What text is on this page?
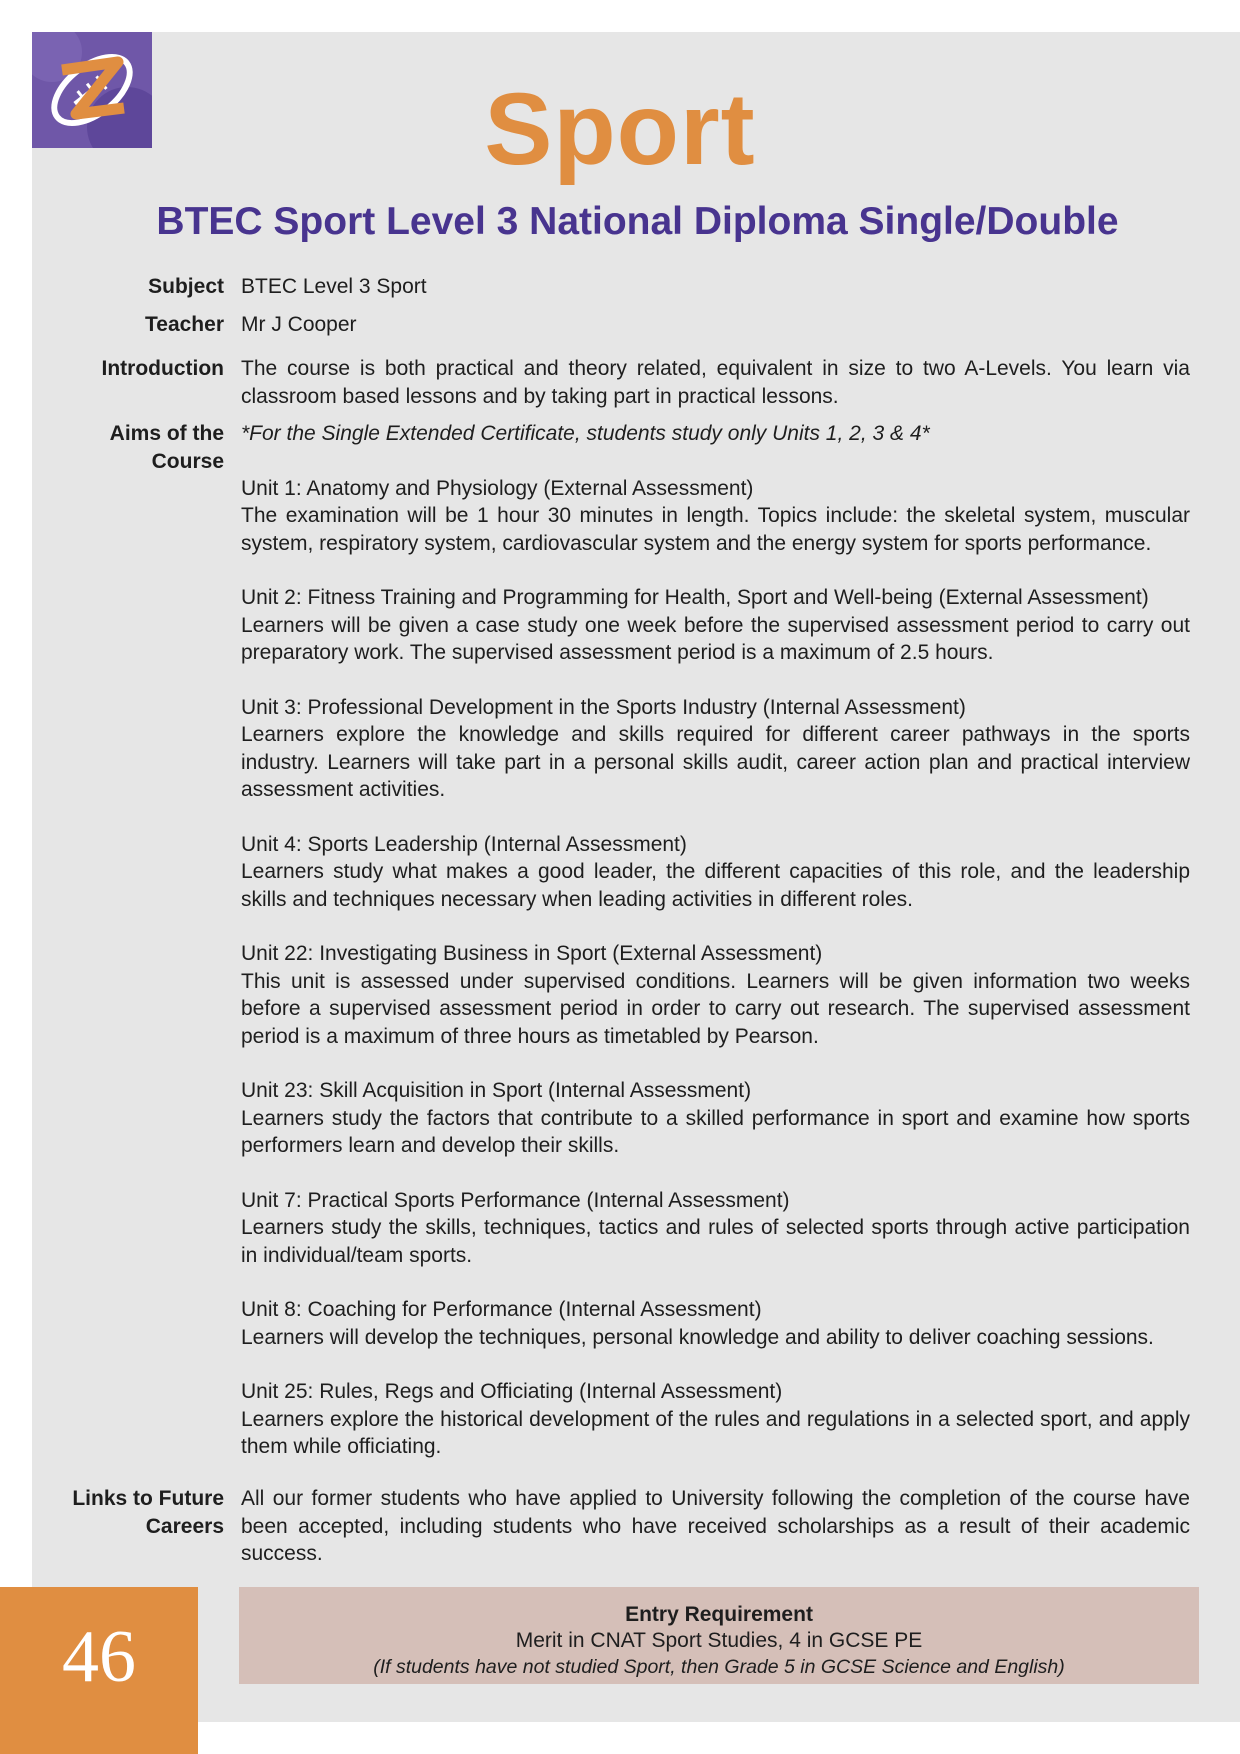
Sport
BTEC Sport Level 3 National Diploma Single/Double
Subject BTEC Level 3 Sport
Teacher Mr J Cooper
Introduction The course is both practical and theory related, equivalent in size to two A-Levels. You learn via classroom based lessons and by taking part in practical lessons.
Aims of the
Course
*For the Single Extended Certificate, students study only Units 1, 2, 3 & 4*
Unit 1: Anatomy and Physiology (External Assessment)
The examination will be 1 hour 30 minutes in length. Topics include: the skeletal system, muscular system, respiratory system, cardiovascular system and the energy system for sports performance.
Unit 2: Fitness Training and Programming for Health, Sport and Well-being (External Assessment)
Learners will be given a case study one week before the supervised assessment period to carry out preparatory work. The supervised assessment period is a maximum of 2.5 hours.
Unit 3: Professional Development in the Sports Industry (Internal Assessment)
Learners explore the knowledge and skills required for different career pathways in the sports industry. Learners will take part in a personal skills audit, career action plan and practical interview assessment activities.
Unit 4: Sports Leadership (Internal Assessment)
Learners study what makes a good leader, the different capacities of this role, and the leadership skills and techniques necessary when leading activities in different roles.
Unit 22: Investigating Business in Sport (External Assessment)
This unit is assessed under supervised conditions. Learners will be given information two weeks before a supervised assessment period in order to carry out research. The supervised assessment period is a maximum of three hours as timetabled by Pearson.
Unit 23: Skill Acquisition in Sport (Internal Assessment)
Learners study the factors that contribute to a skilled performance in sport and examine how sports performers learn and develop their skills.
Unit 7: Practical Sports Performance (Internal Assessment)
Learners study the skills, techniques, tactics and rules of selected sports through active participation in individual/team sports.
Unit 8: Coaching for Performance (Internal Assessment)
Learners will develop the techniques, personal knowledge and ability to deliver coaching sessions.
Unit 25: Rules, Regs and Officiating (Internal Assessment)
Learners explore the historical development of the rules and regulations in a selected sport, and apply them while officiating.
Links to Future
Careers
All our former students who have applied to University following the completion of the course have been accepted, including students who have received scholarships as a result of their academic success.
46
Entry Requirement
Merit in CNAT Sport Studies, 4 in GCSE PE
(If students have not studied Sport, then Grade 5 in GCSE Science and English)
